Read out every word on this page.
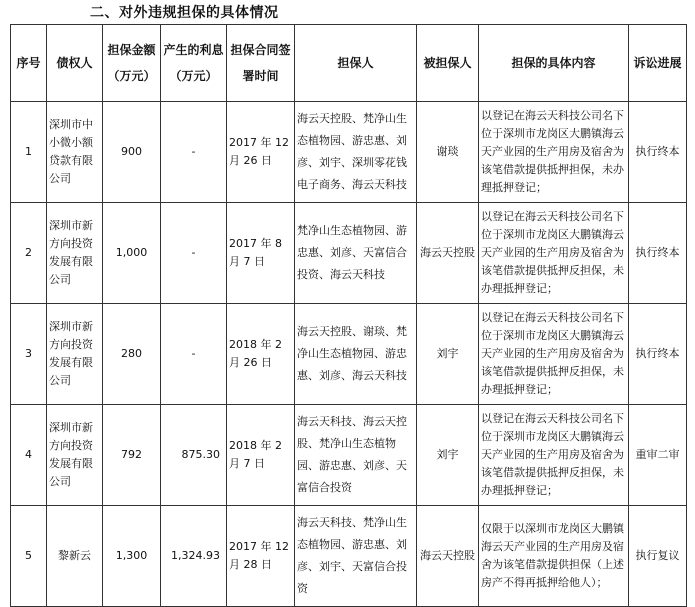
二、对外违规担保的具体情况
序号	债权人	担保金额（万元）	产生的利息（万元）	担保合同签署时间	担保人	被担保人	担保的具体内容	诉讼进展
1	深圳市中小微小额贷款有限公司	900	-	2017 年 12 月 26 日	海云天控股、梵净山生态植物园、游忠惠、刘彦、刘宇、深圳零花钱电子商务、海云天科技	谢琰	以登记在海云天科技公司名下位于深圳市龙岗区大鹏镇海云天产业园的生产用房及宿舍为该笔借款提供抵押担保，未办理抵押登记；	执行终本
2	深圳市新方向投资发展有限公司	1,000	-	2017 年 8 月 7 日	梵净山生态植物园、游忠惠、刘彦、天富信合投资、海云天科技	海云天控股	以登记在海云天科技公司名下位于深圳市龙岗区大鹏镇海云天产业园的生产用房及宿舍为该笔借款提供抵押反担保，未办理抵押登记；	执行终本
3	深圳市新方向投资发展有限公司	280	-	2018 年 2 月 26 日	海云天控股、谢琰、梵净山生态植物园、游忠惠、刘彦、海云天科技	刘宇	以登记在海云天科技公司名下位于深圳市龙岗区大鹏镇海云天产业园的生产用房及宿舍为该笔借款提供抵押反担保，未办理抵押登记；	执行终本
4	深圳市新方向投资发展有限公司	792	875.30	2018 年 2 月 7 日	海云天科技、海云天控股、梵净山生态植物园、游忠惠、刘彦、天富信合投资	刘宇	以登记在海云天科技公司名下位于深圳市龙岗区大鹏镇海云天产业园的生产用房及宿舍为该笔借款提供抵押反担保，未办理抵押登记；	重审二审
5	黎新云	1,300	1,324.93	2017 年 12 月 28 日	海云天科技、梵净山生态植物园、游忠惠、刘彦、刘宇、天富信合投资	海云天控股	仅限于以深圳市龙岗区大鹏镇海云天产业园的生产用房及宿舍为该笔借款提供担保（上述房产不得再抵押给他人）；	执行复议
